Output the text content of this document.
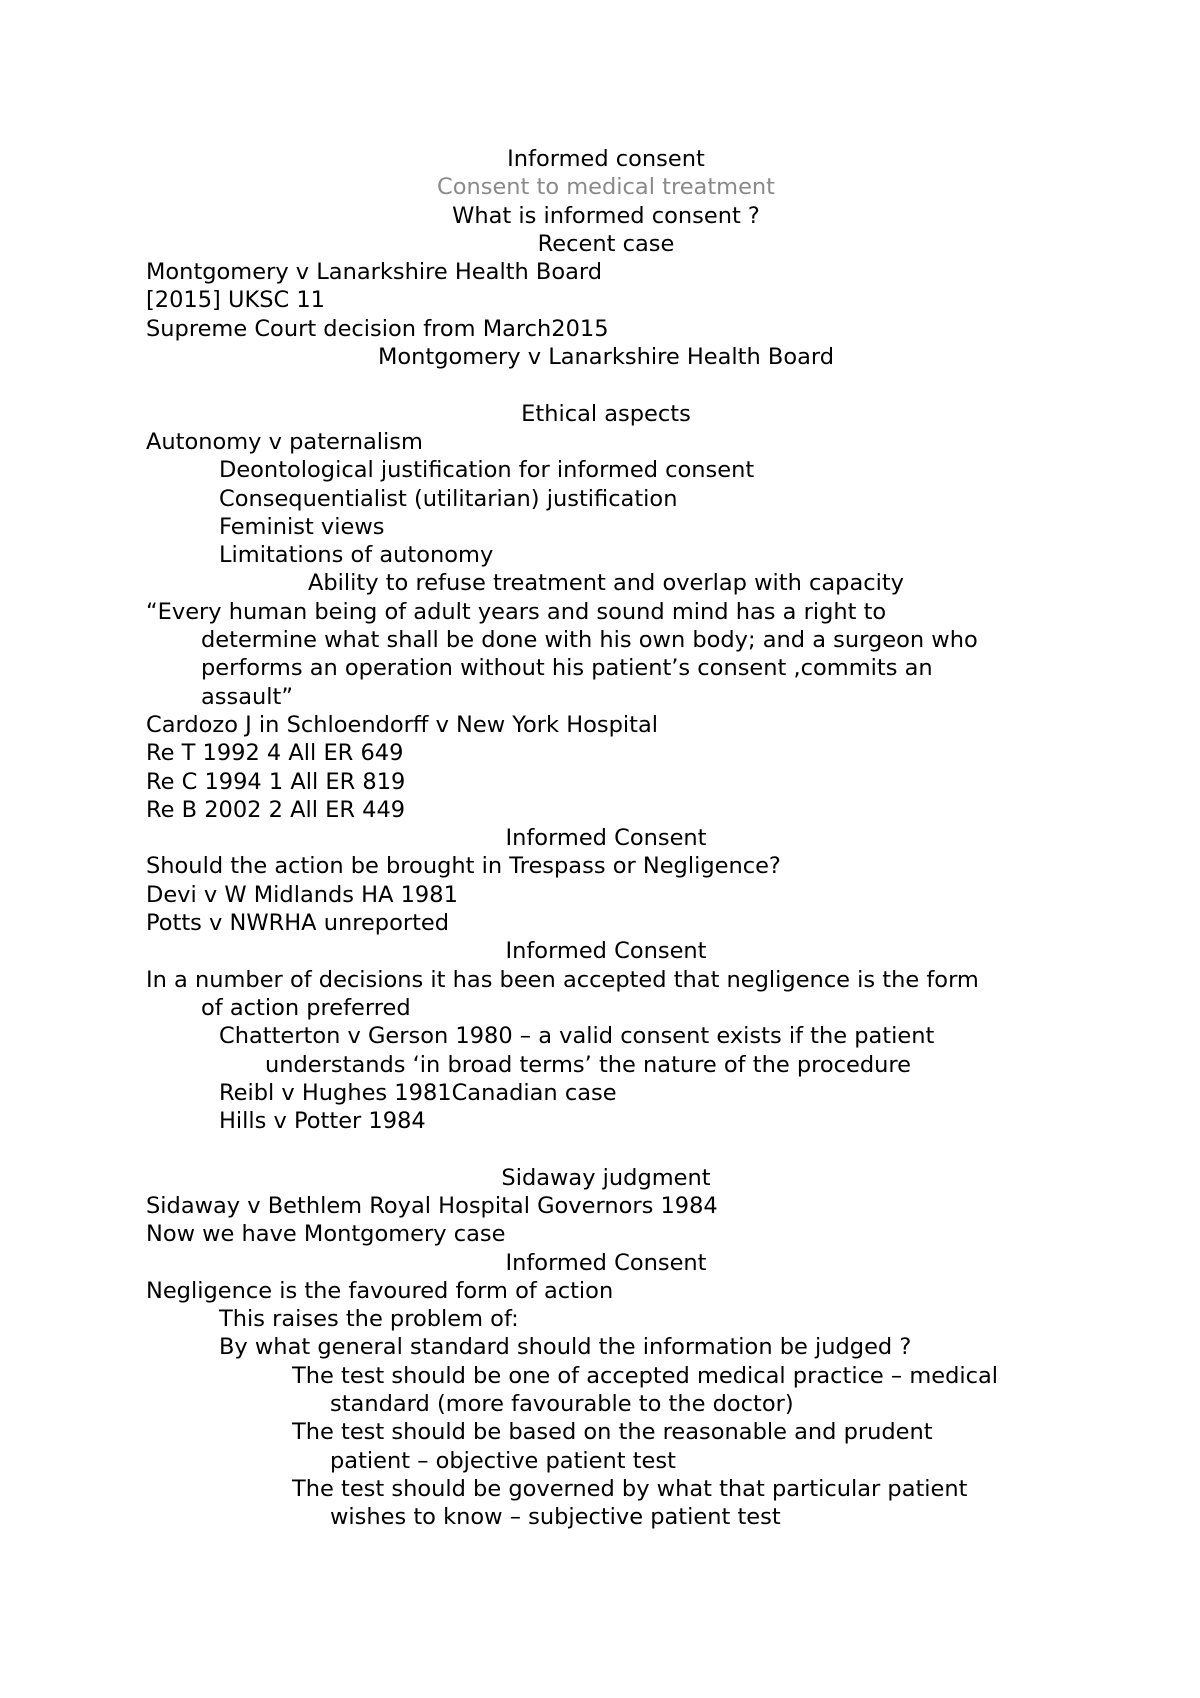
Informed consent
Consent to medical treatment
What is informed consent ?
Recent case
Montgomery v Lanarkshire Health Board
[2015] UKSC 11
Supreme Court decision from March2015
Montgomery v Lanarkshire Health Board
Ethical aspects
Autonomy v paternalism
Deontological justification for informed consent
Consequentialist (utilitarian) justification
Feminist views
Limitations of autonomy
Ability to refuse treatment and overlap with capacity
“Every human being of adult years and sound mind has a right to
determine what shall be done with his own body; and a surgeon who
performs an operation without his patient’s consent ,commits an
assault”
Cardozo J in Schloendorff v New York Hospital
Re T 1992 4 All ER 649
Re C 1994 1 All ER 819
Re B 2002 2 All ER 449
Informed Consent
Should the action be brought in Trespass or Negligence?
Devi v W Midlands HA 1981
Potts v NWRHA unreported
Informed Consent
In a number of decisions it has been accepted that negligence is the form
of action preferred
Chatterton v Gerson 1980 – a valid consent exists if the patient
understands ‘in broad terms’ the nature of the procedure
Reibl v Hughes 1981Canadian case
Hills v Potter 1984
Sidaway judgment
Sidaway v Bethlem Royal Hospital Governors 1984
Now we have Montgomery case
Informed Consent
Negligence is the favoured form of action
This raises the problem of:
By what general standard should the information be judged ?
The test should be one of accepted medical practice – medical
standard (more favourable to the doctor)
The test should be based on the reasonable and prudent
patient – objective patient test
The test should be governed by what that particular patient
wishes to know – subjective patient test
